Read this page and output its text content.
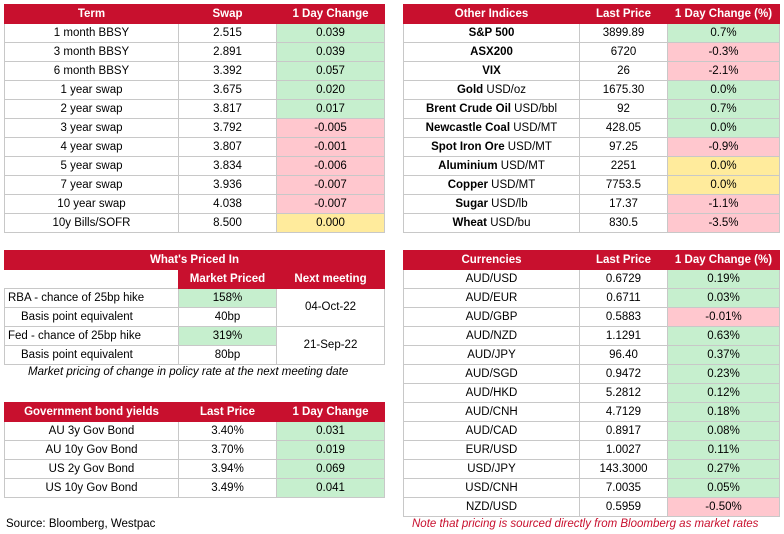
Term	Swap	1 Day Change
1 month BBSY	2.515	0.039
3 month BBSY	2.891	0.039
6 month BBSY	3.392	0.057
1 year swap	3.675	0.020
2 year swap	3.817	0.017
3 year swap	3.792	-0.005
4 year swap	3.807	-0.001
5 year swap	3.834	-0.006
7 year swap	3.936	-0.007
10 year swap	4.038	-0.007
10y Bills/SOFR	8.500	0.000
Other Indices	Last Price	1 Day Change (%)
S&P 500	3899.89	0.7%
ASX200	6720	-0.3%
VIX	26	-2.1%
Gold USD/oz	1675.30	0.0%
Brent Crude Oil USD/bbl	92	0.7%
Newcastle Coal USD/MT	428.05	0.0%
Spot Iron Ore USD/MT	97.25	-0.9%
Aluminium USD/MT	2251	0.0%
Copper USD/MT	7753.5	0.0%
Sugar USD/lb	17.37	-1.1%
Wheat USD/bu	830.5	-3.5%
What's Priced In		
	Market Priced	Next meeting
RBA - chance of 25bp hike	158%	04-Oct-22
Basis point equivalent	40bp	
Fed - chance of 25bp hike	319%	21-Sep-22
Basis point equivalent	80bp	
Market pricing of change in policy rate at the next meeting date
Government bond yields	Last Price	1 Day Change
AU 3y Gov Bond	3.40%	0.031
AU 10y Gov Bond	3.70%	0.019
US 2y Gov Bond	3.94%	0.069
US 10y Gov Bond	3.49%	0.041
Currencies	Last Price	1 Day Change (%)
AUD/USD	0.6729	0.19%
AUD/EUR	0.6711	0.03%
AUD/GBP	0.5883	-0.01%
AUD/NZD	1.1291	0.63%
AUD/JPY	96.40	0.37%
AUD/SGD	0.9472	0.23%
AUD/HKD	5.2812	0.12%
AUD/CNH	4.7129	0.18%
AUD/CAD	0.8917	0.08%
EUR/USD	1.0027	0.11%
USD/JPY	143.3000	0.27%
USD/CNH	7.0035	0.05%
NZD/USD	0.5959	-0.50%
Source: Bloomberg, Westpac	Note that pricing is sourced directly from Bloomberg as market rates
